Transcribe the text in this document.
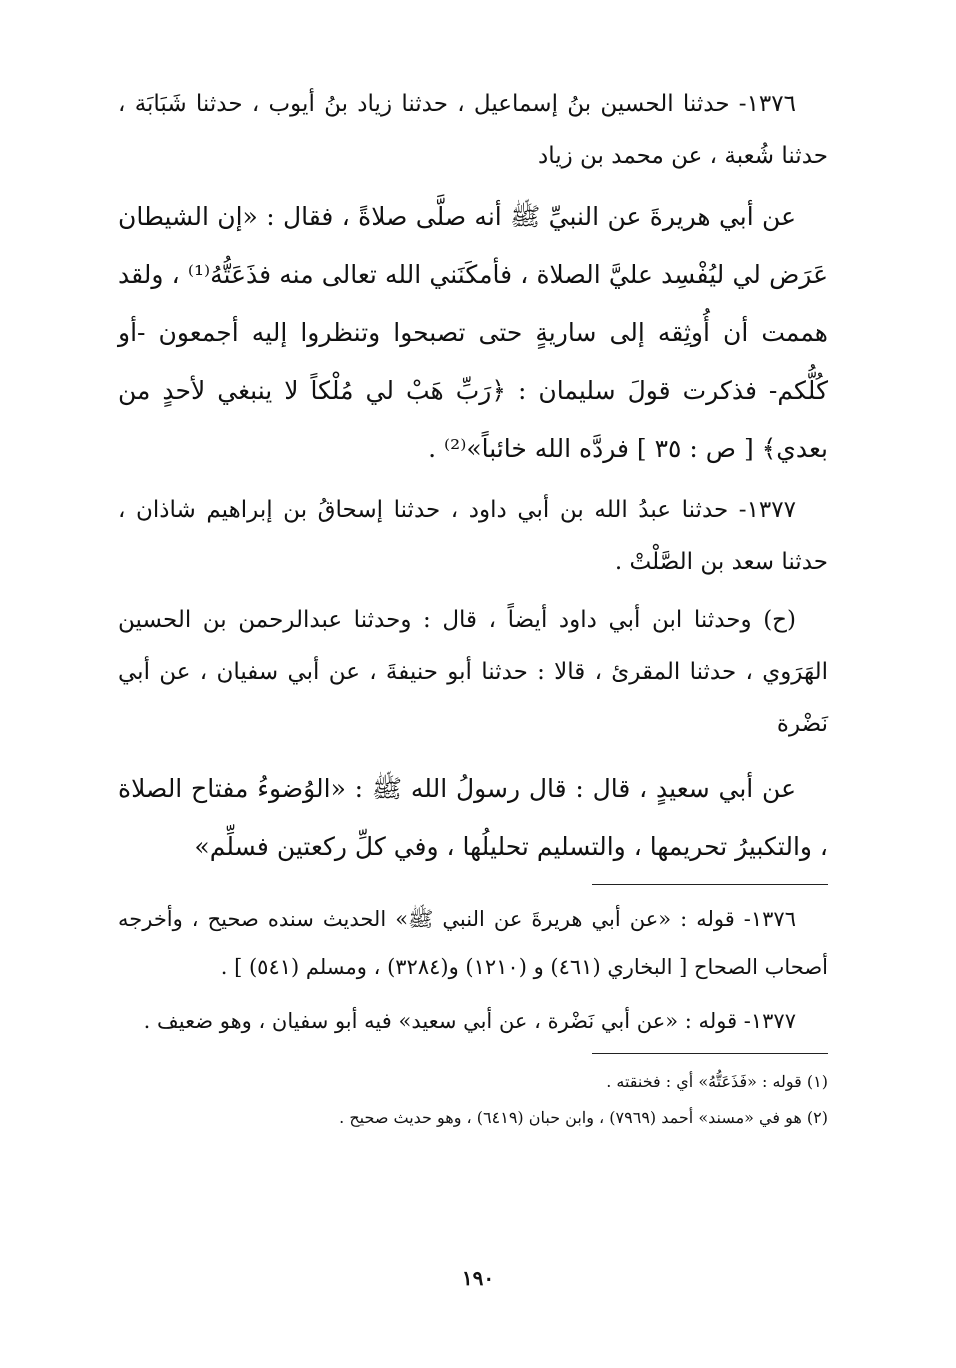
١٣٧٦- حدثنا الحسين بنُ إسماعيل ، حدثنا زياد بنُ أيوب ، حدثنا شَبَابَة ، حدثنا شُعبة ، عن محمد بن زياد

عن أبي هريرةَ عن النبيِّ ﷺ أنه صلَّى صلاةً ، فقال : «إن الشيطان عَرَض لي ليُفْسِد عليَّ الصلاة ، فأمكَنَني الله تعالى منه فذَعَتُّهُ⁽¹⁾ ، ولقد هممت أن أُوثِقه إلى ساريةٍ حتى تصبحوا وتنظروا إليه أجمعون -أو كُلُّكم- فذكرت قولَ سليمان : ﴿رَبِّ هَبْ لي مُلْكاً لا ينبغي لأحدٍ من بعدي﴾ [ ص : ٣٥ ] فردَّه الله خائباً»⁽²⁾ .

١٣٧٧- حدثنا عبدُ الله بن أبي داود ، حدثنا إسحاقُ بن إبراهيم شاذان ، حدثنا سعد بن الصَّلْتْ .

(ح) وحدثنا ابن أبي داود أيضاً ، قال : وحدثنا عبدالرحمن بن الحسين الهَرَوي ، حدثنا المقرئ ، قالا : حدثنا أبو حنيفةَ ، عن أبي سفيان ، عن أبي نَضْرة

عن أبي سعيدٍ ، قال : قال رسولُ الله ﷺ : «الوُضوءُ مفتاح الصلاة ، والتكبيرُ تحريمها ، والتسليم تحليلُها ، وفي كلِّ ركعتين فسلِّم»

١٣٧٦- قوله : «عن أبي هريرةَ عن النبي ﷺ» الحديث سنده صحيح ، وأخرجه أصحاب الصحاح [ البخاري (٤٦١) و (١٢١٠) و(٣٢٨٤) ، ومسلم (٥٤١) ] .

١٣٧٧- قوله : «عن أبي نَضْرة ، عن أبي سعيد» فيه أبو سفيان ، وهو ضعيف .

(١) قوله : «فَذَعَتُّهُ» أي : فخنقته .

(٢) هو في «مسند» أحمد (٧٩٦٩) ، وابن حبان (٦٤١٩) ، وهو حديث صحيح .

١٩٠
